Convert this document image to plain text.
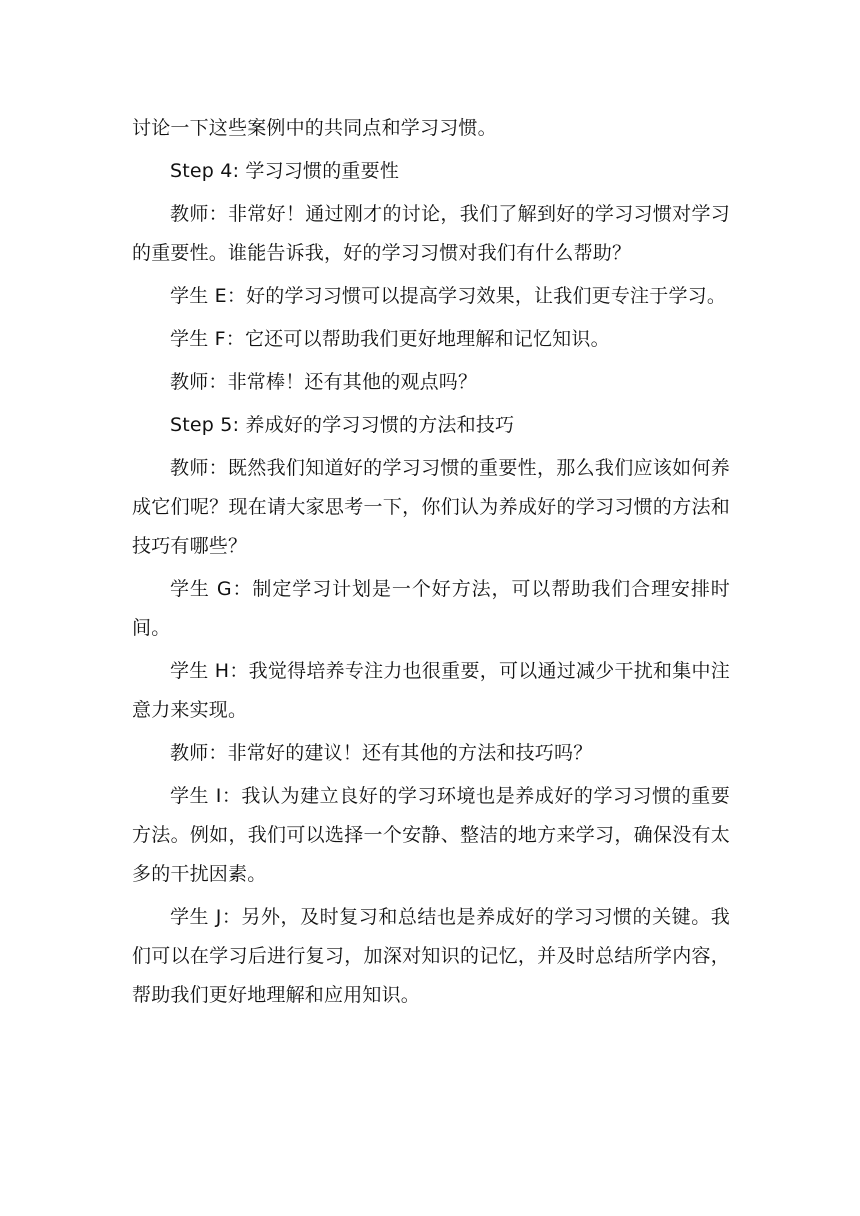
讨论一下这些案例中的共同点和学习习惯。

Step 4: 学习习惯的重要性

教师：非常好！通过刚才的讨论，我们了解到好的学习习惯对学习的重要性。谁能告诉我，好的学习习惯对我们有什么帮助？

学生 E：好的学习习惯可以提高学习效果，让我们更专注于学习。

学生 F：它还可以帮助我们更好地理解和记忆知识。

教师：非常棒！还有其他的观点吗？

Step 5: 养成好的学习习惯的方法和技巧

教师：既然我们知道好的学习习惯的重要性，那么我们应该如何养成它们呢？现在请大家思考一下，你们认为养成好的学习习惯的方法和技巧有哪些？

学生 G：制定学习计划是一个好方法，可以帮助我们合理安排时间。

学生 H：我觉得培养专注力也很重要，可以通过减少干扰和集中注意力来实现。

教师：非常好的建议！还有其他的方法和技巧吗？

学生 I：我认为建立良好的学习环境也是养成好的学习习惯的重要方法。例如，我们可以选择一个安静、整洁的地方来学习，确保没有太多的干扰因素。

学生 J：另外，及时复习和总结也是养成好的学习习惯的关键。我们可以在学习后进行复习，加深对知识的记忆，并及时总结所学内容，帮助我们更好地理解和应用知识。
